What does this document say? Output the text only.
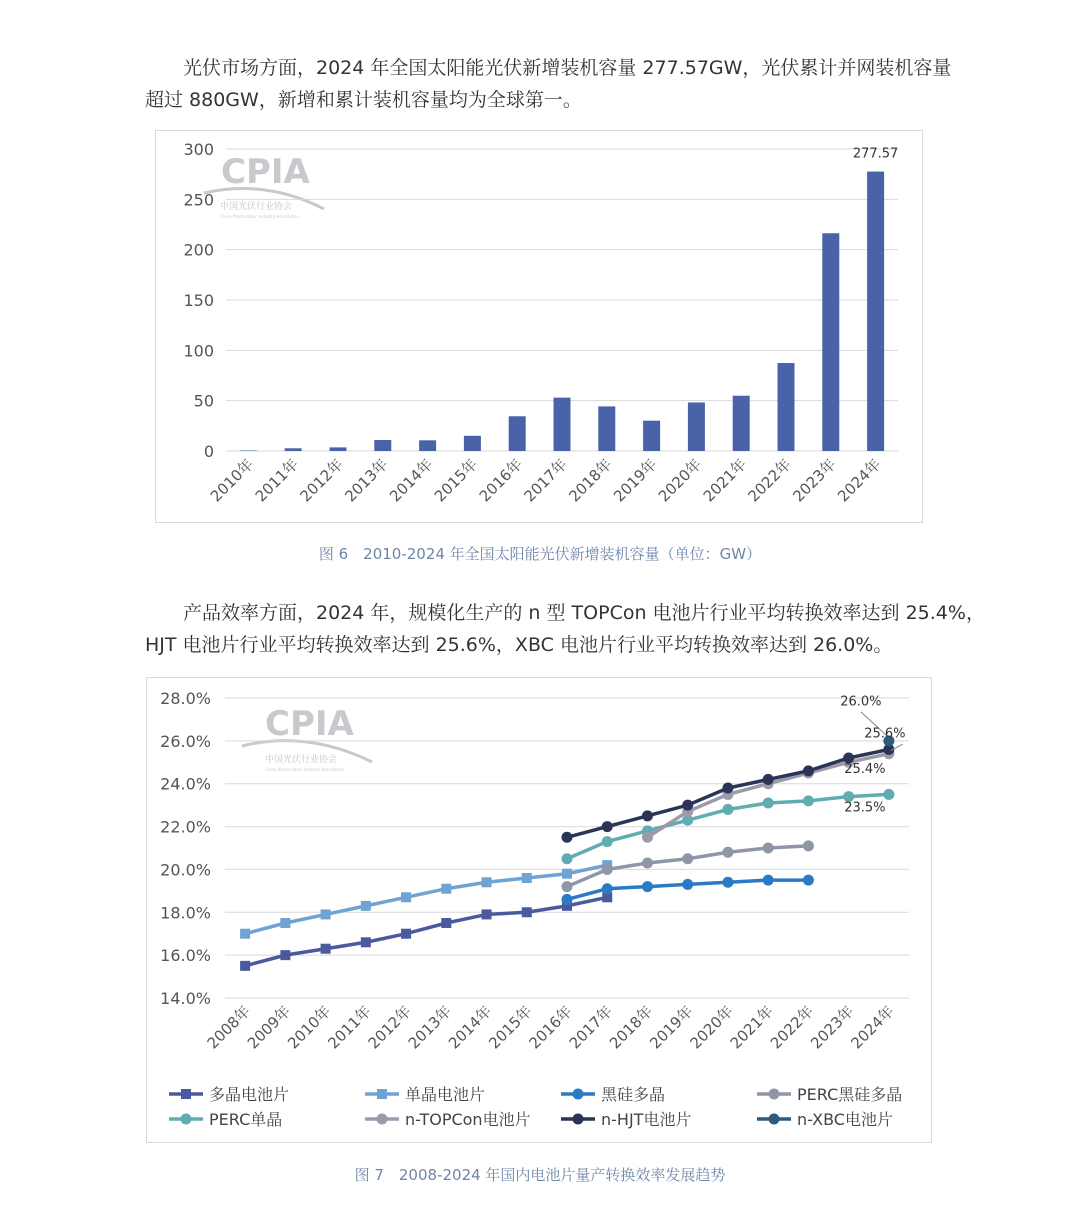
光伏市场方面，2024 年全国太阳能光伏新增装机容量 277.57GW，光伏累计并网装机容量
超过 880GW，新增和累计装机容量均为全球第一。

CPIA
中国光伏行业协会
China Photovoltaic Industry Association
0
50
100
150
200
250
300
2010年
2011年
2012年
2013年
2014年
2015年
2016年
2017年
2018年
2019年
2020年
2021年
2022年
2023年
2024年
277.57
图 6　2010-2024 年全国太阳能光伏新增装机容量（单位：GW）

产品效率方面，2024 年，规模化生产的 n 型 TOPCon 电池片行业平均转换效率达到 25.4%，
HJT 电池片行业平均转换效率达到 25.6%，XBC 电池片行业平均转换效率达到 26.0%。

CPIA
中国光伏行业协会
China Photovoltaic Industry Association
14.0%
16.0%
18.0%
20.0%
22.0%
24.0%
26.0%
28.0%
2008年
2009年
2010年
2011年
2012年
2013年
2014年
2015年
2016年
2017年
2018年
2019年
2020年
2021年
2022年
2023年
2024年
26.0%
25.6%
25.4%
23.5%
多晶电池片	单晶电池片	黑硅多晶	PERC黑硅多晶
PERC单晶	n-TOPCon电池片	n-HJT电池片	n-XBC电池片
图 7　2008-2024 年国内电池片量产转换效率发展趋势
